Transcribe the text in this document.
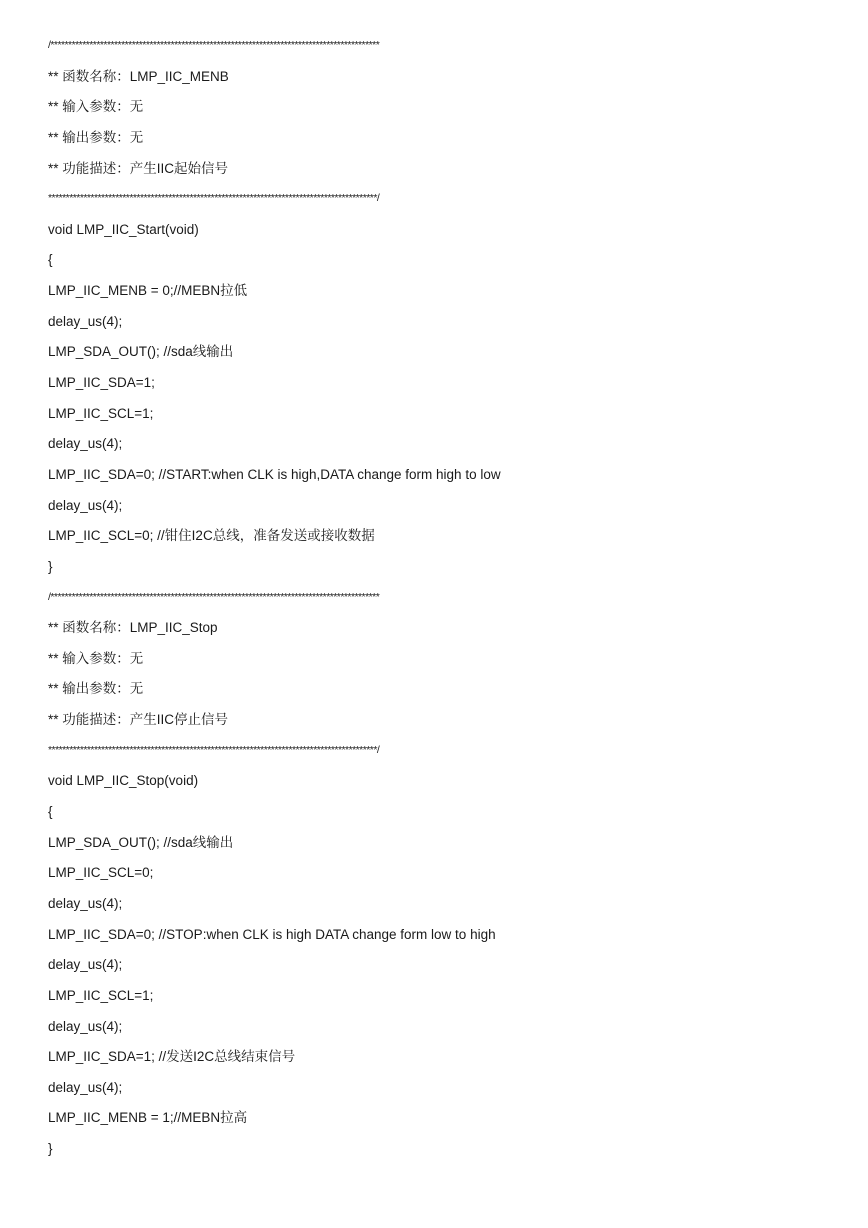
/*********************************************************************************************
** 函数名称：LMP_IIC_MENB
** 输入参数：无
** 输出参数：无
** 功能描述：产生IIC起始信号
*********************************************************************************************/
void LMP_IIC_Start(void)
{
LMP_IIC_MENB = 0;//MEBN拉低
delay_us(4);
LMP_SDA_OUT(); //sda线输出
LMP_IIC_SDA=1;
LMP_IIC_SCL=1;
delay_us(4);
LMP_IIC_SDA=0; //START:when CLK is high,DATA change form high to low
delay_us(4);
LMP_IIC_SCL=0; //钳住I2C总线，准备发送或接收数据
}
/*********************************************************************************************
** 函数名称：LMP_IIC_Stop
** 输入参数：无
** 输出参数：无
** 功能描述：产生IIC停止信号
*********************************************************************************************/
void LMP_IIC_Stop(void)
{
LMP_SDA_OUT(); //sda线输出
LMP_IIC_SCL=0;
delay_us(4);
LMP_IIC_SDA=0; //STOP:when CLK is high DATA change form low to high
delay_us(4);
LMP_IIC_SCL=1;
delay_us(4);
LMP_IIC_SDA=1; //发送I2C总线结束信号
delay_us(4);
LMP_IIC_MENB = 1;//MEBN拉高
}
